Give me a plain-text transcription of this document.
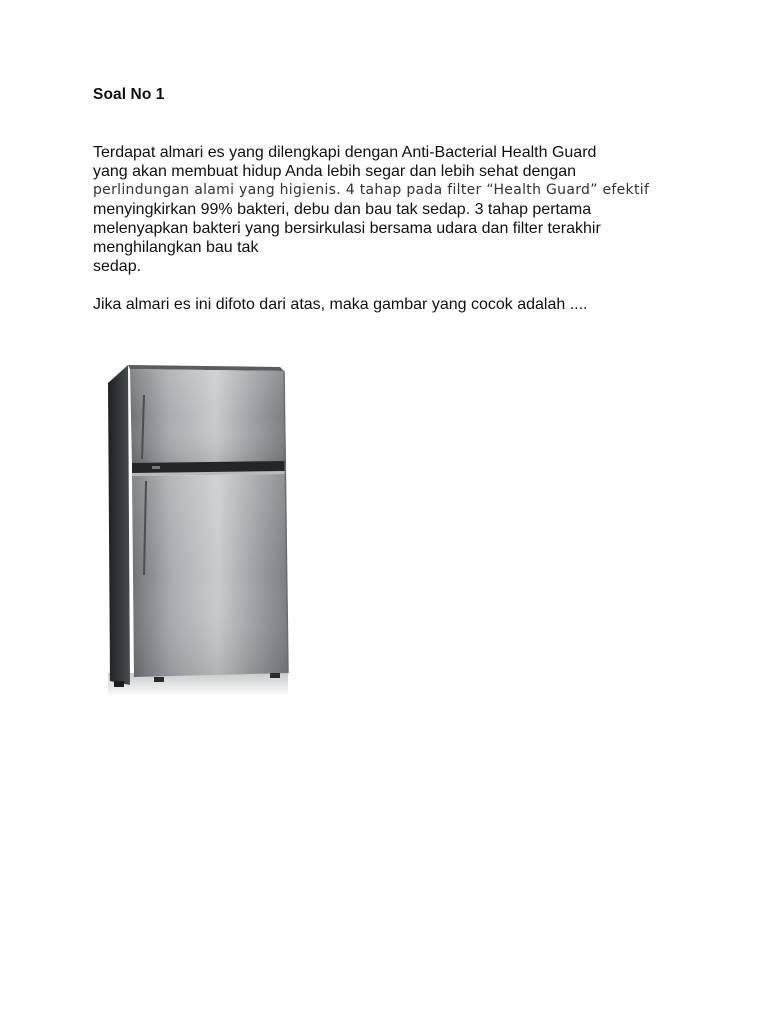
Soal No 1
Terdapat almari es yang dilengkapi dengan Anti-Bacterial Health Guard
yang akan membuat hidup Anda lebih segar dan lebih sehat dengan
perlindungan alami yang higienis. 4 tahap pada filter “Health Guard” efektif
menyingkirkan 99% bakteri, debu dan bau tak sedap. 3 tahap pertama
melenyapkan bakteri yang bersirkulasi bersama udara dan filter terakhir
menghilangkan bau tak
sedap.
Jika almari es ini difoto dari atas, maka gambar yang cocok adalah ....
